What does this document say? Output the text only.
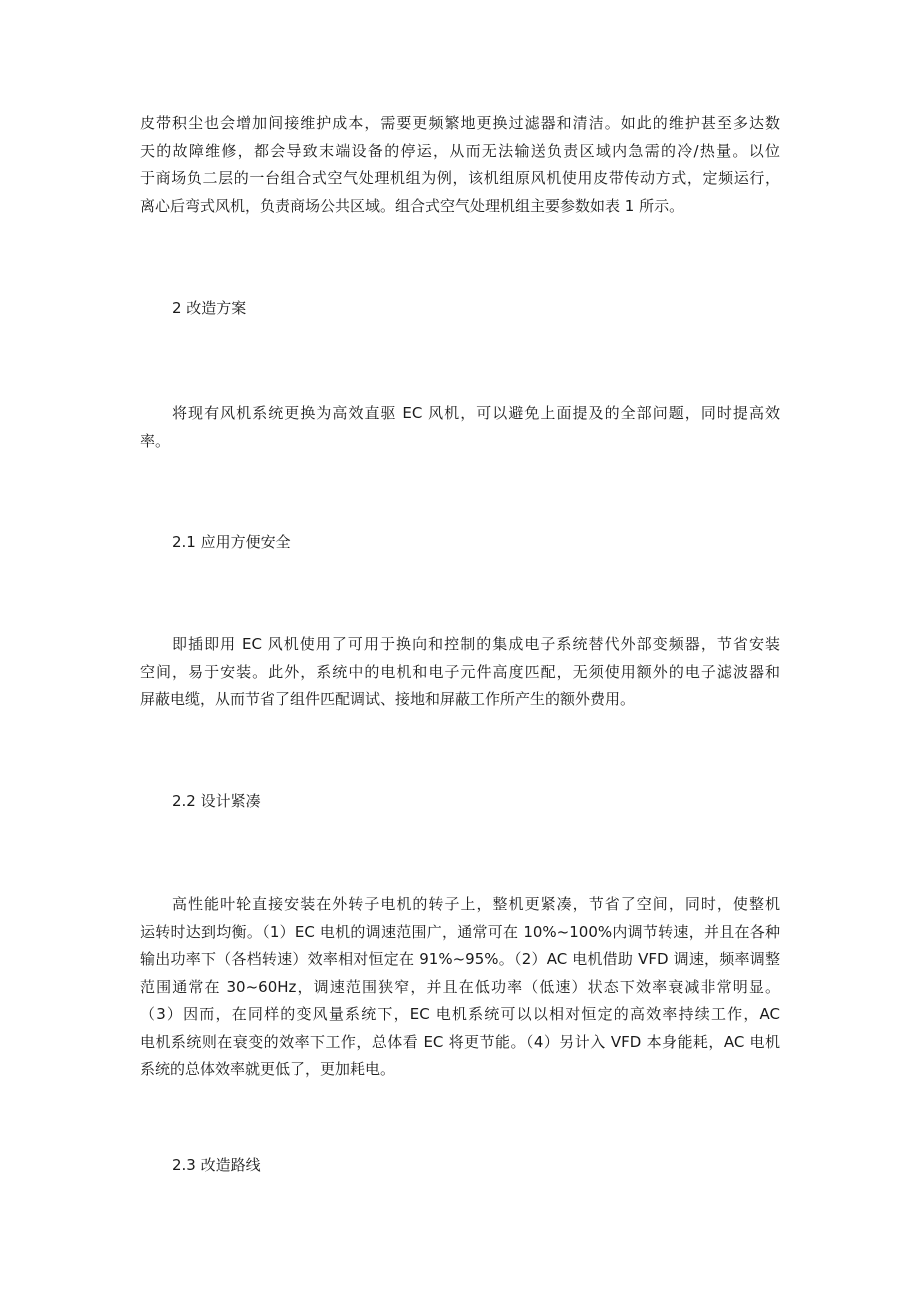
皮带积尘也会增加间接维护成本，需要更频繁地更换过滤器和清洁。如此的维护甚至多达数
天的故障维修，都会导致末端设备的停运，从而无法输送负责区域内急需的冷/热量。以位
于商场负二层的一台组合式空气处理机组为例，该机组原风机使用皮带传动方式，定频运行，
离心后弯式风机，负责商场公共区域。组合式空气处理机组主要参数如表 1 所示。
2 改造方案
将现有风机系统更换为高效直驱 EC 风机，可以避免上面提及的全部问题，同时提高效
率。
2.1 应用方便安全
即插即用 EC 风机使用了可用于换向和控制的集成电子系统替代外部变频器，节省安装
空间，易于安装。此外，系统中的电机和电子元件高度匹配，无须使用额外的电子滤波器和
屏蔽电缆，从而节省了组件匹配调试、接地和屏蔽工作所产生的额外费用。
2.2 设计紧凑
高性能叶轮直接安装在外转子电机的转子上，整机更紧凑，节省了空间，同时，使整机
运转时达到均衡。（1）EC 电机的调速范围广，通常可在 10%~100%内调节转速，并且在各种
输出功率下（各档转速）效率相对恒定在 91%~95%。（2）AC 电机借助 VFD 调速，频率调整
范围通常在 30~60Hz，调速范围狭窄，并且在低功率（低速）状态下效率衰减非常明显。
（3）因而，在同样的变风量系统下，EC 电机系统可以以相对恒定的高效率持续工作，AC
电机系统则在衰变的效率下工作，总体看 EC 将更节能。（4）另计入 VFD 本身能耗，AC 电机
系统的总体效率就更低了，更加耗电。
2.3 改造路线
